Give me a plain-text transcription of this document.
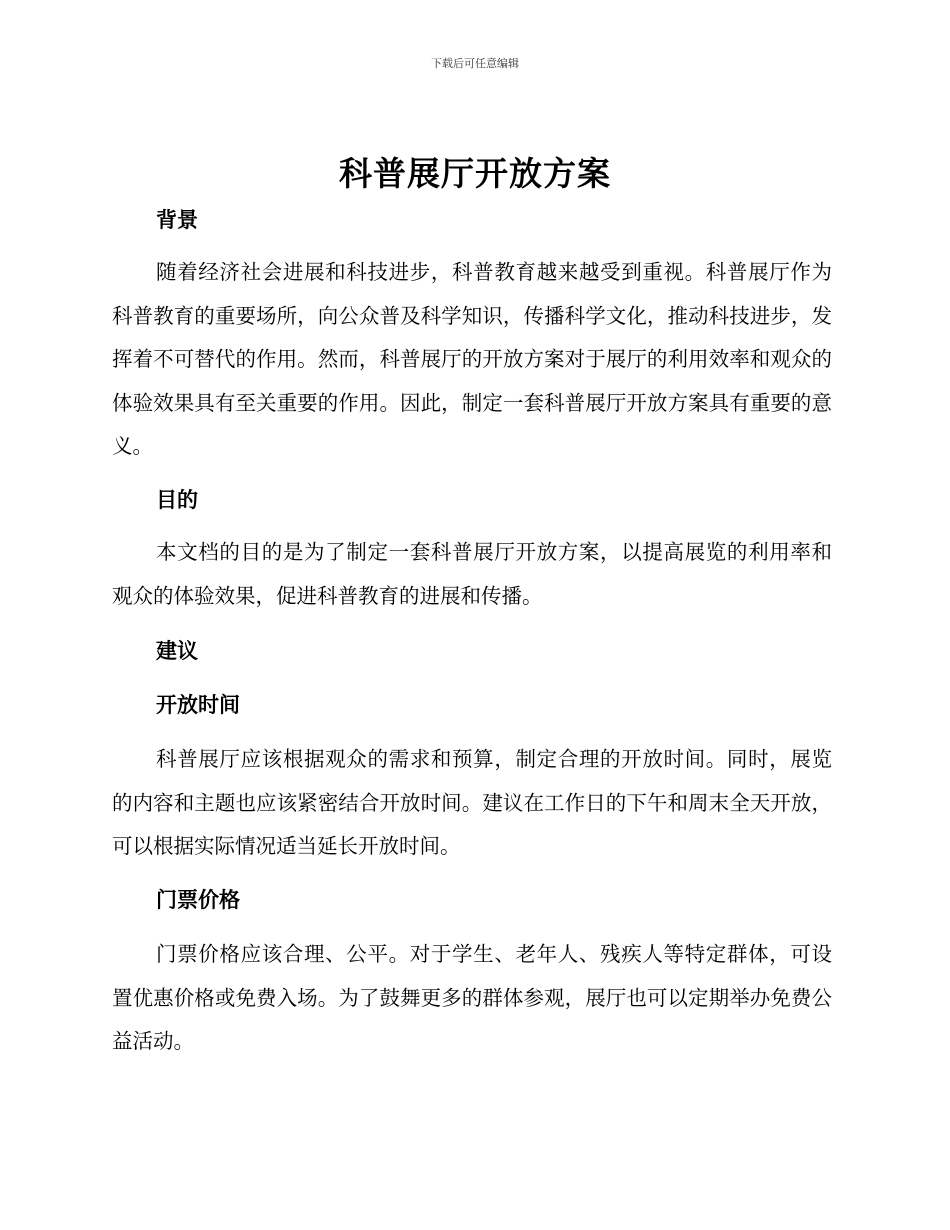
下载后可任意编辑
科普展厅开放方案
背景

随着经济社会进展和科技进步，科普教育越来越受到重视。科普展厅作为科普教育的重要场所，向公众普及科学知识，传播科学文化，推动科技进步，发挥着不可替代的作用。然而，科普展厅的开放方案对于展厅的利用效率和观众的体验效果具有至关重要的作用。因此，制定一套科普展厅开放方案具有重要的意义。

目的

本文档的目的是为了制定一套科普展厅开放方案，以提高展览的利用率和观众的体验效果，促进科普教育的进展和传播。

建议
开放时间

科普展厅应该根据观众的需求和预算，制定合理的开放时间。同时，展览的内容和主题也应该紧密结合开放时间。建议在工作日的下午和周末全天开放，可以根据实际情况适当延长开放时间。

门票价格

门票价格应该合理、公平。对于学生、老年人、残疾人等特定群体，可设置优惠价格或免费入场。为了鼓舞更多的群体参观，展厅也可以定期举办免费公益活动。
